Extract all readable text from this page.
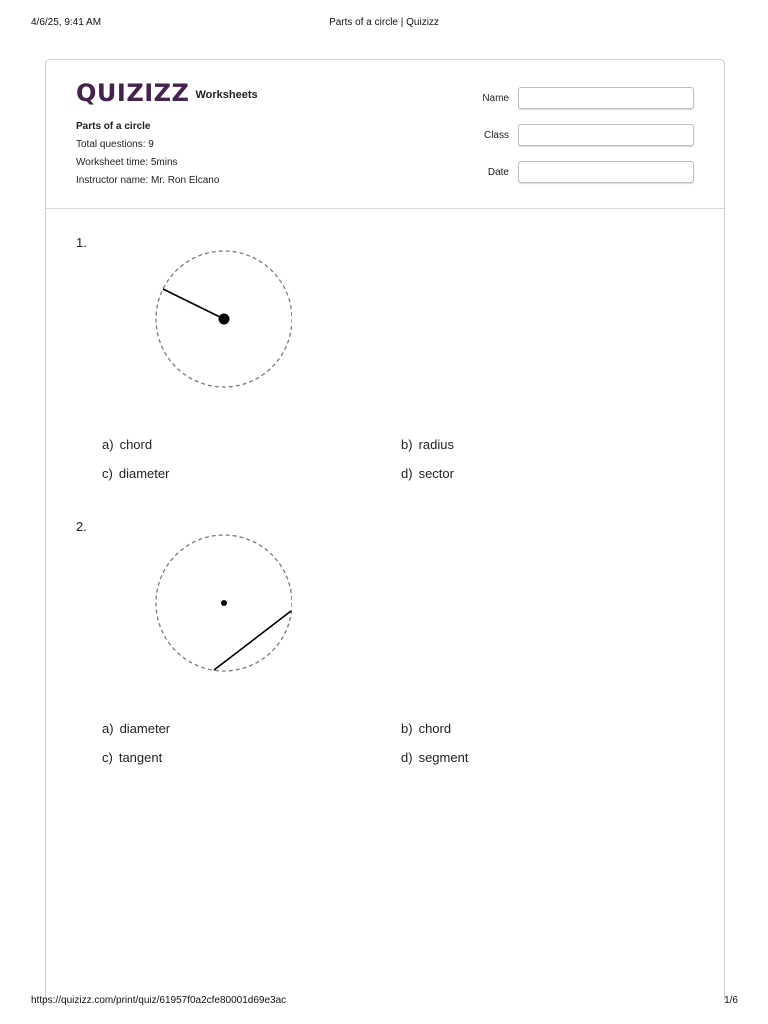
4/6/25, 9:41 AM	Parts of a circle | Quizizz
QUIZIZZ Worksheets
Parts of a circle
Total questions: 9
Worksheet time: 5mins
Instructor name: Mr. Ron Elcano
Name
Class
Date
1.
a) chord	b) radius
c) diameter	d) sector
2.
a) diameter	b) chord
c) tangent	d) segment
https://quizizz.com/print/quiz/61957f0a2cfe80001d69e3ac	1/6
